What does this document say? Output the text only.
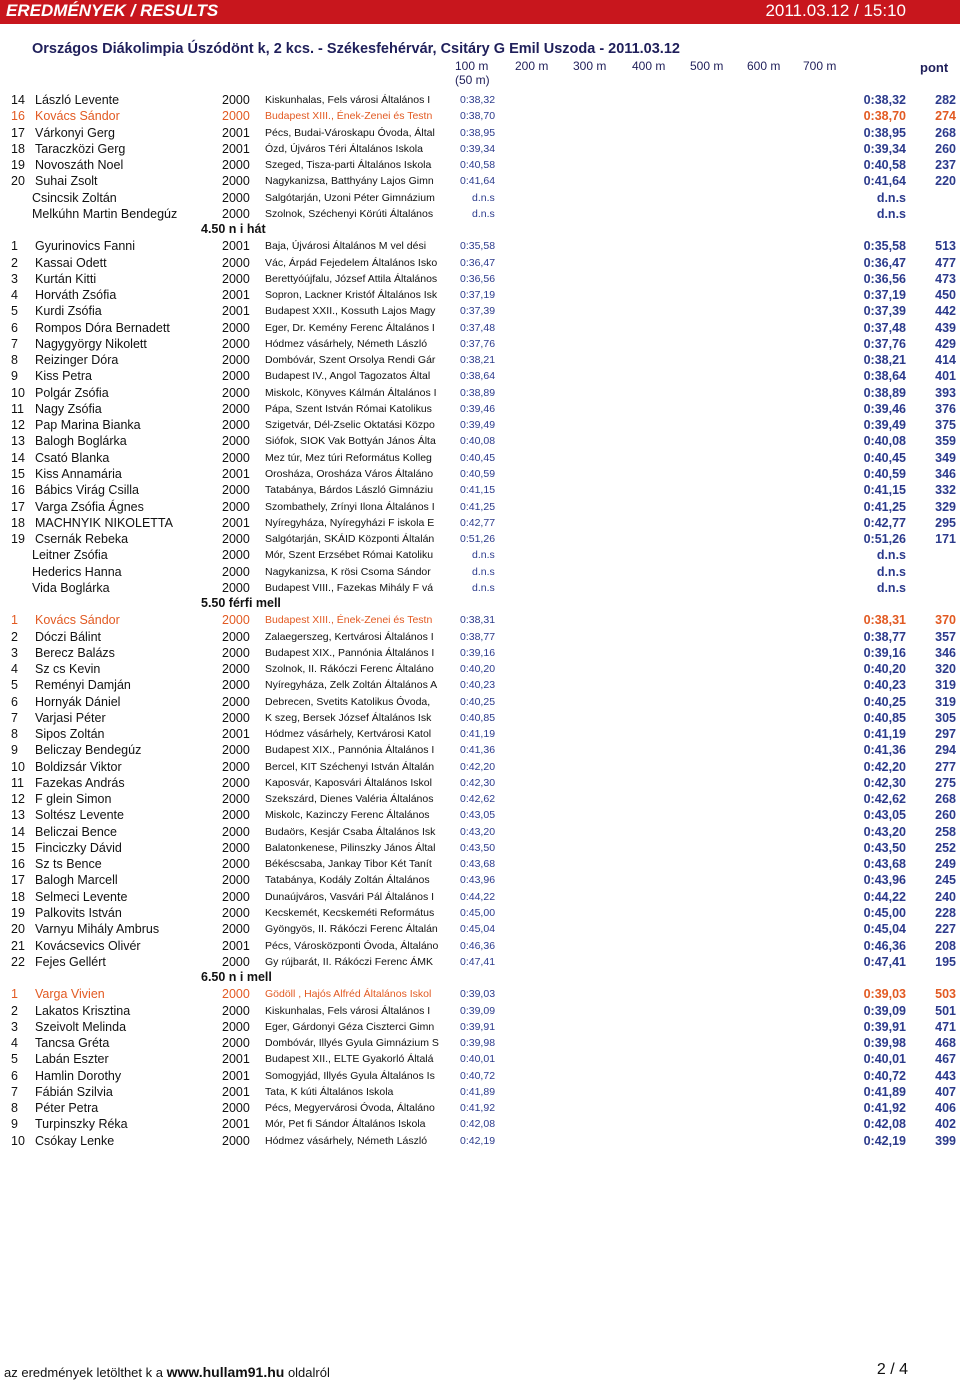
EREDMÉNYEK / RESULTS	2011.03.12 / 15:10
Országos Diákolimpia Úszódönt k, 2 kcs. - Székesfehérvár, Csitáry G Emil Uszoda - 2011.03.12
100 m
(50 m)
200 m 300 m 400 m 500 m 600 m 700 m	pont
14 László Levente	2000 Kiskunhalas, Fels városi Általános I	0:38,32	0:38,32 282
16 Kovács Sándor	2000 Budapest XIII., Ének-Zenei és Testn	0:38,70	0:38,70 274
17 Várkonyi Gerg	2001 Pécs, Budai-Városkapu Óvoda, Által	0:38,95	0:38,95 268
18 Taraczközi Gerg	2001 Ózd, Újváros Téri Általános Iskola	0:39,34	0:39,34 260
19 Novoszáth Noel	2000 Szeged, Tisza-parti Általános Iskola	0:40,58	0:40,58 237
20 Suhai Zsolt	2000 Nagykanizsa, Batthyány Lajos Gimn	0:41,64	0:41,64 220
Csincsik Zoltán	2000 Salgótarján, Uzoni Péter Gimnázium	d.n.s	d.n.s
Melkúhn Martin Bendegúz	2000 Szolnok, Széchenyi Körúti Általános	d.n.s	d.n.s
4.50 n i hát
1 Gyurinovics Fanni	2001 Baja, Újvárosi Általános M vel dési	0:35,58	0:35,58 513
2 Kassai Odett	2000 Vác, Árpád Fejedelem Általános Isko	0:36,47	0:36,47 477
3 Kurtán Kitti	2000 Berettyóújfalu, József Attila Általános	0:36,56	0:36,56 473
4 Horváth Zsófia	2001 Sopron, Lackner Kristóf Általános Isk	0:37,19	0:37,19 450
5 Kurdi Zsófia	2001 Budapest XXII., Kossuth Lajos Magy	0:37,39	0:37,39 442
6 Rompos Dóra Bernadett	2000 Eger, Dr. Kemény Ferenc Általános I	0:37,48	0:37,48 439
7 Nagygyörgy Nikolett	2000 Hódmez vásárhely, Németh László	0:37,76	0:37,76 429
8 Reizinger Dóra	2000 Dombóvár, Szent Orsolya Rendi Gár	0:38,21	0:38,21 414
9 Kiss Petra	2000 Budapest IV., Angol Tagozatos Által	0:38,64	0:38,64 401
10 Polgár Zsófia	2000 Miskolc, Könyves Kálmán Általános I	0:38,89	0:38,89 393
11 Nagy Zsófia	2000 Pápa, Szent István Római Katolikus	0:39,46	0:39,46 376
12 Pap Marina Bianka	2000 Szigetvár, Dél-Zselic Oktatási Közpo	0:39,49	0:39,49 375
13 Balogh Boglárka	2000 Siófok, SIOK Vak Bottyán János Álta	0:40,08	0:40,08 359
14 Csató Blanka	2000 Mez túr, Mez túri Református Kolleg	0:40,45	0:40,45 349
15 Kiss Annamária	2001 Orosháza, Orosháza Város Általáno	0:40,59	0:40,59 346
16 Bábics Virág Csilla	2000 Tatabánya, Bárdos László Gimnáziu	0:41,15	0:41,15 332
17 Varga Zsófia Ágnes	2000 Szombathely, Zrínyi Ilona Általános I	0:41,25	0:41,25 329
18 MACHNYIK NIKOLETTA	2001 Nyíregyháza, Nyíregyházi F iskola E	0:42,77	0:42,77 295
19 Csernák Rebeka	2000 Salgótarján, SKÁID Központi Általán	0:51,26	0:51,26 171
Leitner Zsófia	2000 Mór, Szent Erzsébet Római Katoliku	d.n.s	d.n.s
Hederics Hanna	2000 Nagykanizsa, K rösi Csoma Sándor	d.n.s	d.n.s
Vida Boglárka	2000 Budapest VIII., Fazekas Mihály F vá	d.n.s	d.n.s
5.50 férfi mell
1 Kovács Sándor	2000 Budapest XIII., Ének-Zenei és Testn	0:38,31	0:38,31 370
2 Dóczi Bálint	2000 Zalaegerszeg, Kertvárosi Általános I	0:38,77	0:38,77 357
3 Berecz Balázs	2000 Budapest XIX., Pannónia Általános I	0:39,16	0:39,16 346
4 Sz cs Kevin	2000 Szolnok, II. Rákóczi Ferenc Általáno	0:40,20	0:40,20 320
5 Reményi Damján	2000 Nyíregyháza, Zelk Zoltán Általános A	0:40,23	0:40,23 319
6 Hornyák Dániel	2000 Debrecen, Svetits Katolikus Óvoda,	0:40,25	0:40,25 319
7 Varjasi Péter	2000 K szeg, Bersek József Általános Isk	0:40,85	0:40,85 305
8 Sipos Zoltán	2001 Hódmez vásárhely, Kertvárosi Katol	0:41,19	0:41,19 297
9 Beliczay Bendegúz	2000 Budapest XIX., Pannónia Általános I	0:41,36	0:41,36 294
10 Boldizsár Viktor	2000 Bercel, KIT Széchenyi István Általán	0:42,20	0:42,20 277
11 Fazekas András	2000 Kaposvár, Kaposvári Általános Iskol	0:42,30	0:42,30 275
12 F glein Simon	2000 Szekszárd, Dienes Valéria Általános	0:42,62	0:42,62 268
13 Soltész Levente	2000 Miskolc, Kazinczy Ferenc Általános	0:43,05	0:43,05 260
14 Beliczai Bence	2000 Budaörs, Kesjár Csaba Általános Isk	0:43,20	0:43,20 258
15 Finciczky Dávid	2000 Balatonkenese, Pilinszky János Által	0:43,50	0:43,50 252
16 Sz ts Bence	2000 Békéscsaba, Jankay Tibor Két Tanít	0:43,68	0:43,68 249
17 Balogh Marcell	2000 Tatabánya, Kodály Zoltán Általános	0:43,96	0:43,96 245
18 Selmeci Levente	2000 Dunaújváros, Vasvári Pál Általános I	0:44,22	0:44,22 240
19 Palkovits István	2000 Kecskemét, Kecskeméti Református	0:45,00	0:45,00 228
20 Varnyu Mihály Ambrus	2000 Gyöngyös, II. Rákóczi Ferenc Általán	0:45,04	0:45,04 227
21 Kovácsevics Olivér	2001 Pécs, Városközponti Óvoda, Általáno	0:46,36	0:46,36 208
22 Fejes Gellért	2000 Gy rújbarát, II. Rákóczi Ferenc ÁMK	0:47,41	0:47,41 195
6.50 n i mell
1 Varga Vivien	2000 Gödöll , Hajós Alfréd Általános Iskol	0:39,03	0:39,03 503
2 Lakatos Krisztina	2000 Kiskunhalas, Fels városi Általános I	0:39,09	0:39,09 501
3 Szeivolt Melinda	2000 Eger, Gárdonyi Géza Ciszterci Gimn	0:39,91	0:39,91 471
4 Tancsa Gréta	2000 Dombóvár, Illyés Gyula Gimnázium S	0:39,98	0:39,98 468
5 Labán Eszter	2001 Budapest XII., ELTE Gyakorló Általá	0:40,01	0:40,01 467
6 Hamlin Dorothy	2001 Somogyjád, Illyés Gyula Általános Is	0:40,72	0:40,72 443
7 Fábián Szilvia	2001 Tata, K kúti Általános Iskola	0:41,89	0:41,89 407
8 Péter Petra	2000 Pécs, Megyervárosi Óvoda, Általáno	0:41,92	0:41,92 406
9 Turpinszky Réka	2001 Mór, Pet fi Sándor Általános Iskola	0:42,08	0:42,08 402
10 Csókay Lenke	2000 Hódmez vásárhely, Németh László	0:42,19	0:42,19 399
az eredmények letölthet k a www.hullam91.hu oldalról	2 / 4
